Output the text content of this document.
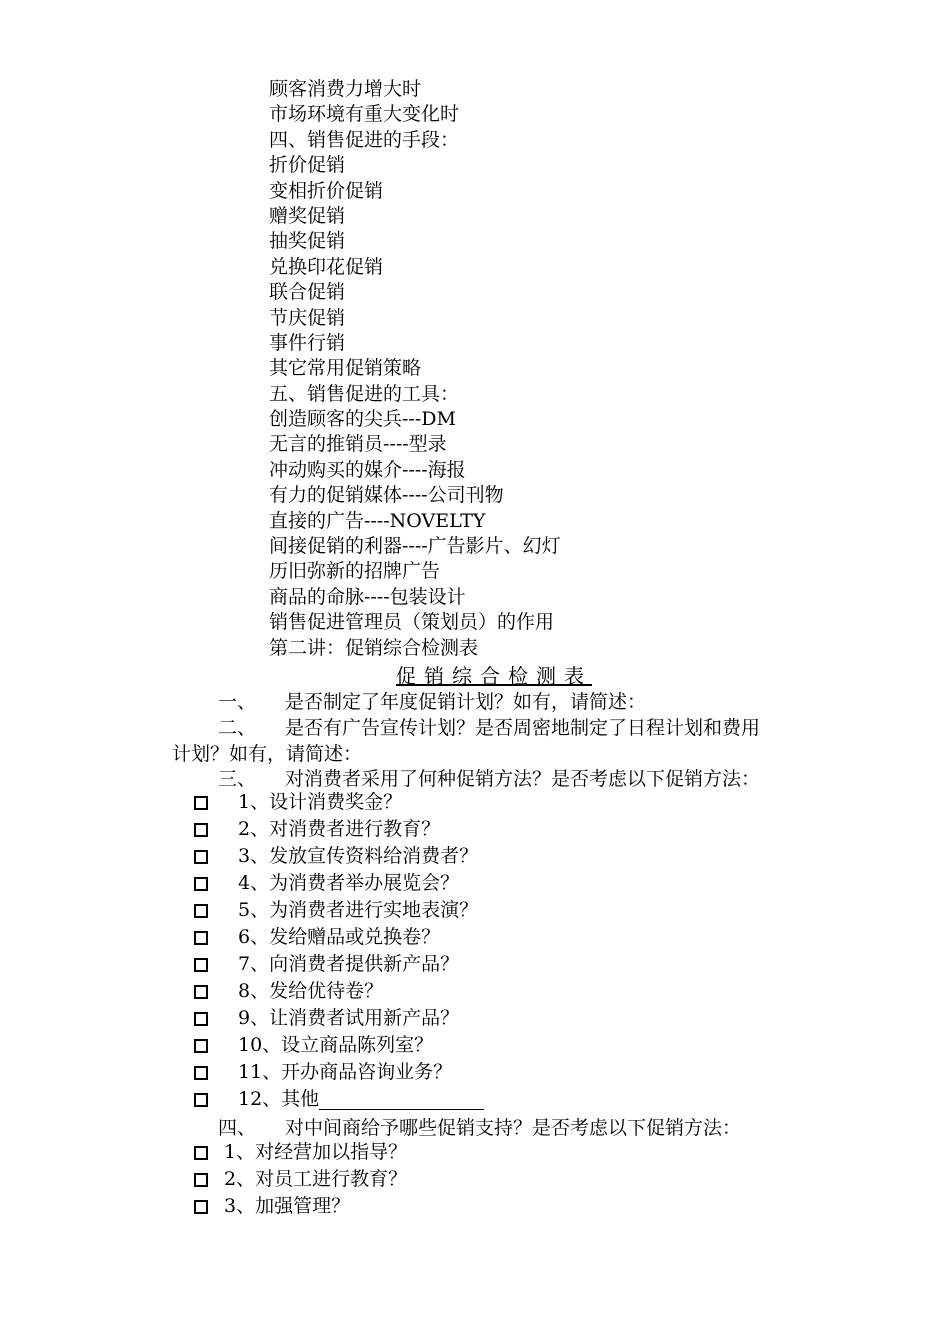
顾客消费力增大时
市场环境有重大变化时
四、销售促进的手段：
折价促销
变相折价促销
赠奖促销
抽奖促销
兑换印花促销
联合促销
节庆促销
事件行销
其它常用促销策略
五、销售促进的工具：
创造顾客的尖兵---DM
无言的推销员----型录
冲动购买的媒介----海报
有力的促销媒体----公司刊物
直接的广告----NOVELTY
间接促销的利器----广告影片、幻灯
历旧弥新的招牌广告
商品的命脉----包装设计
销售促进管理员（策划员）的作用
第二讲：促销综合检测表
促销综合检测表
一、 是否制定了年度促销计划？如有，请简述：
二、 是否有广告宣传计划？是否周密地制定了日程计划和费用
计划？如有，请简述：
三、 对消费者采用了何种促销方法？是否考虑以下促销方法：
1、设计消费奖金？
2、对消费者进行教育？
3、发放宣传资料给消费者？
4、为消费者举办展览会？
5、为消费者进行实地表演？
6、发给赠品或兑换卷？
7、向消费者提供新产品？
8、发给优待卷？
9、让消费者试用新产品？
10、设立商品陈列室？
11、开办商品咨询业务？
12、其他
四、 对中间商给予哪些促销支持？是否考虑以下促销方法：
1、对经营加以指导？
2、对员工进行教育？
3、加强管理？
